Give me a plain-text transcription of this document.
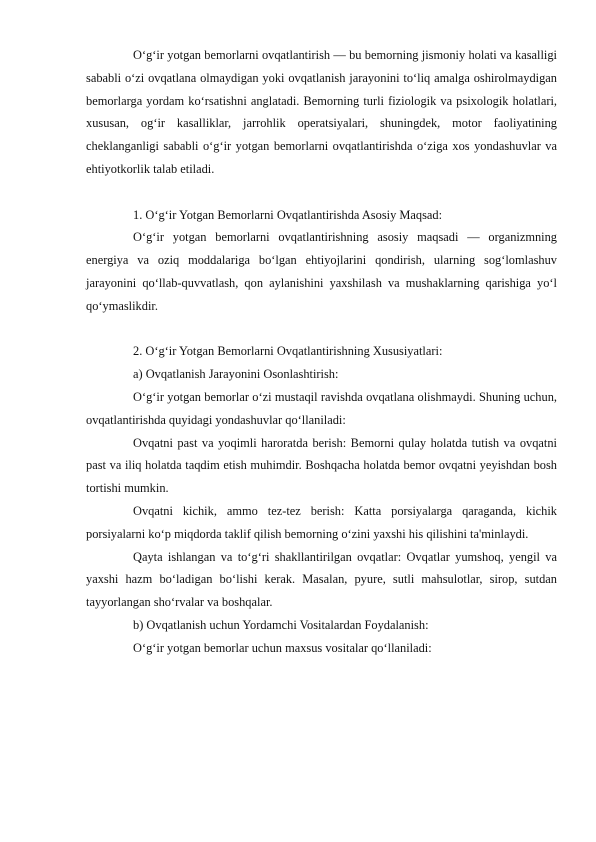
O‘g‘ir yotgan bemorlarni ovqatlantirish — bu bemorning jismoniy holati va kasalligi sababli o‘zi ovqatlana olmaydigan yoki ovqatlanish jarayonini to‘liq amalga oshirolmaydigan bemorlarga yordam ko‘rsatishni anglatadi. Bemorning turli fiziologik va psixologik holatlari, xususan, og‘ir kasalliklar, jarrohlik operatsiyalari, shuningdek, motor faoliyatining cheklanganligi sababli o‘g‘ir yotgan bemorlarni ovqatlantirishda o‘ziga xos yondashuvlar va ehtiyotkorlik talab etiladi.

1. O‘g‘ir Yotgan Bemorlarni Ovqatlantirishda Asosiy Maqsad:

O‘g‘ir yotgan bemorlarni ovqatlantirishning asosiy maqsadi — organizmning energiya va oziq moddalariga bo‘lgan ehtiyojlarini qondirish, ularning sog‘lomlashuv jarayonini qo‘llab-quvvatlash, qon aylanishini yaxshilash va mushaklarning qarishiga yo‘l qo‘ymaslikdir.

2. O‘g‘ir Yotgan Bemorlarni Ovqatlantirishning Xususiyatlari:

a) Ovqatlanish Jarayonini Osonlashtirish:

O‘g‘ir yotgan bemorlar o‘zi mustaqil ravishda ovqatlana olishmaydi. Shuning uchun, ovqatlantirishda quyidagi yondashuvlar qo‘llaniladi:

Ovqatni past va yoqimli haroratda berish: Bemorni qulay holatda tutish va ovqatni past va iliq holatda taqdim etish muhimdir. Boshqacha holatda bemor ovqatni yeyishdan bosh tortishi mumkin.

Ovqatni kichik, ammo tez-tez berish: Katta porsiyalarga qaraganda, kichik porsiyalarni ko‘p miqdorda taklif qilish bemorning o‘zini yaxshi his qilishini ta'minlaydi.

Qayta ishlangan va to‘g‘ri shakllantirilgan ovqatlar: Ovqatlar yumshoq, yengil va yaxshi hazm bo‘ladigan bo‘lishi kerak. Masalan, pyure, sutli mahsulotlar, sirop, sutdan tayyorlangan sho‘rvalar va boshqalar.

b) Ovqatlanish uchun Yordamchi Vositalardan Foydalanish:

O‘g‘ir yotgan bemorlar uchun maxsus vositalar qo‘llaniladi:
